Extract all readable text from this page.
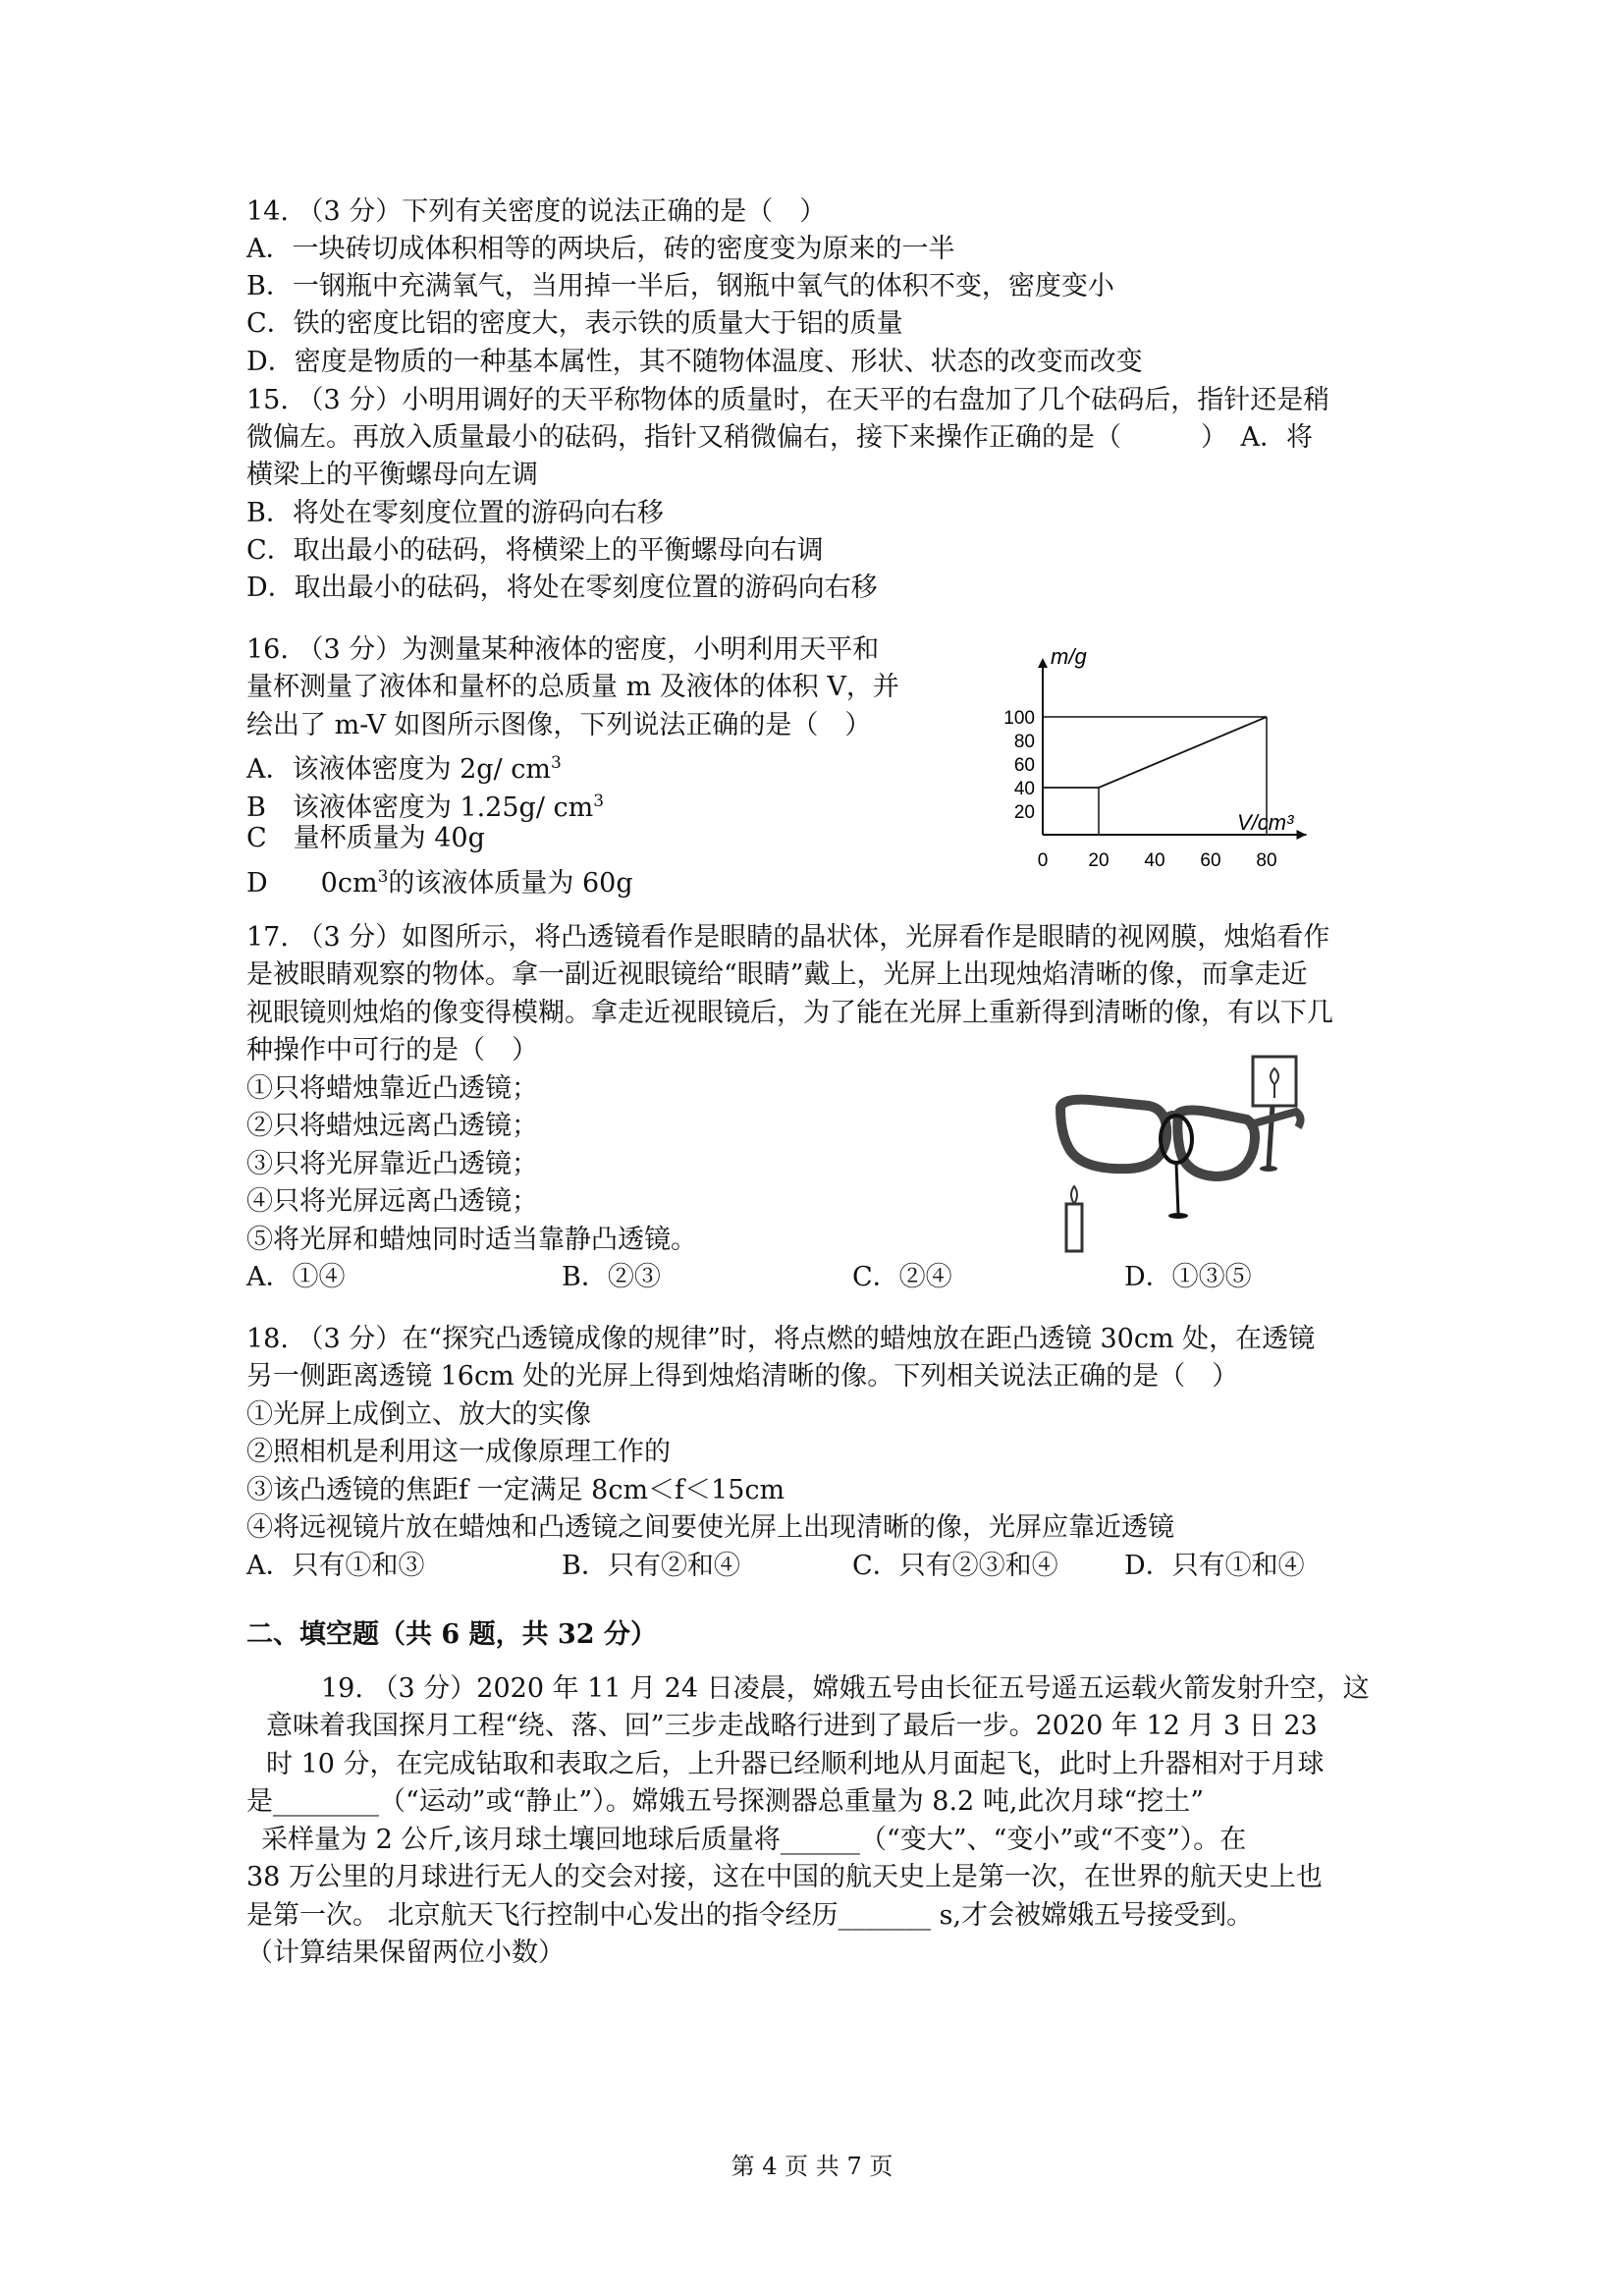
14. （3 分）下列有关密度的说法正确的是（　）
A．一块砖切成体积相等的两块后，砖的密度变为原来的一半
B．一钢瓶中充满氧气，当用掉一半后，钢瓶中氧气的体积不变，密度变小
C．铁的密度比铝的密度大，表示铁的质量大于铝的质量
D．密度是物质的一种基本属性，其不随物体温度、形状、状态的改变而改变
15. （3 分）小明用调好的天平称物体的质量时，在天平的右盘加了几个砝码后，指针还是稍
微偏左。再放入质量最小的砝码，指针又稍微偏右，接下来操作正确的是（　　　）　A．将
横梁上的平衡螺母向左调
B．将处在零刻度位置的游码向右移
C．取出最小的砝码，将横梁上的平衡螺母向右调
D．取出最小的砝码，将处在零刻度位置的游码向右移
16. （3 分）为测量某种液体的密度，小明利用天平和
量杯测量了液体和量杯的总质量 m 及液体的体积 V，并
绘出了 m-V 如图所示图像，下列说法正确的是（　）
A．该液体密度为 2g/ $cm^3$
B　该液体密度为 1.25g/ $cm^3$
C　量杯质量为 40g
D　　$0cm^3$的该液体质量为 60g
m/g
V/cm³
100
80
60
40
20
0 20 40 60 80
17. （3 分）如图所示，将凸透镜看作是眼睛的晶状体，光屏看作是眼睛的视网膜，烛焰看作
是被眼睛观察的物体。拿一副近视眼镜给“眼睛”戴上，光屏上出现烛焰清晰的像，而拿走近
视眼镜则烛焰的像变得模糊。拿走近视眼镜后，为了能在光屏上重新得到清晰的像，有以下几
种操作中可行的是（　）
①只将蜡烛靠近凸透镜；
②只将蜡烛远离凸透镜；
③只将光屏靠近凸透镜；
④只将光屏远离凸透镜；
⑤将光屏和蜡烛同时适当靠静凸透镜。
A．①④	B．②③	C．②④	D．①③⑤
18. （3 分）在“探究凸透镜成像的规律”时，将点燃的蜡烛放在距凸透镜 30cm 处，在透镜
另一侧距离透镜 16cm 处的光屏上得到烛焰清晰的像。下列相关说法正确的是（　）
①光屏上成倒立、放大的实像
②照相机是利用这一成像原理工作的
③该凸透镜的焦距f 一定满足 8cm＜f＜15cm
④将远视镜片放在蜡烛和凸透镜之间要使光屏上出现清晰的像，光屏应靠近透镜
A．只有①和③	B．只有②和④	C．只有②③和④ D．只有①和④
二、填空题（共 6 题，共 32 分）
19. （3 分）2020 年 11 月 24 日凌晨，嫦娥五号由长征五号遥五运载火箭发射升空，这
意味着我国探月工程“绕、落、回”三步走战略行进到了最后一步。2020 年 12 月 3 日 23
时 10 分，在完成钻取和表取之后，上升器已经顺利地从月面起飞，此时上升器相对于月球
是________（“运动”或“静止”）。嫦娥五号探测器总重量为 8.2 吨,此次月球“挖土”
采样量为 2 公斤,该月球土壤回地球后质量将______（“变大”、“变小”或“不变”）。在
38 万公里的月球进行无人的交会对接，这在中国的航天史上是第一次，在世界的航天史上也
是第一次。 北京航天飞行控制中心发出的指令经历_______ s,才会被嫦娥五号接受到。
（计算结果保留两位小数）
第 4 页 共 7 页
